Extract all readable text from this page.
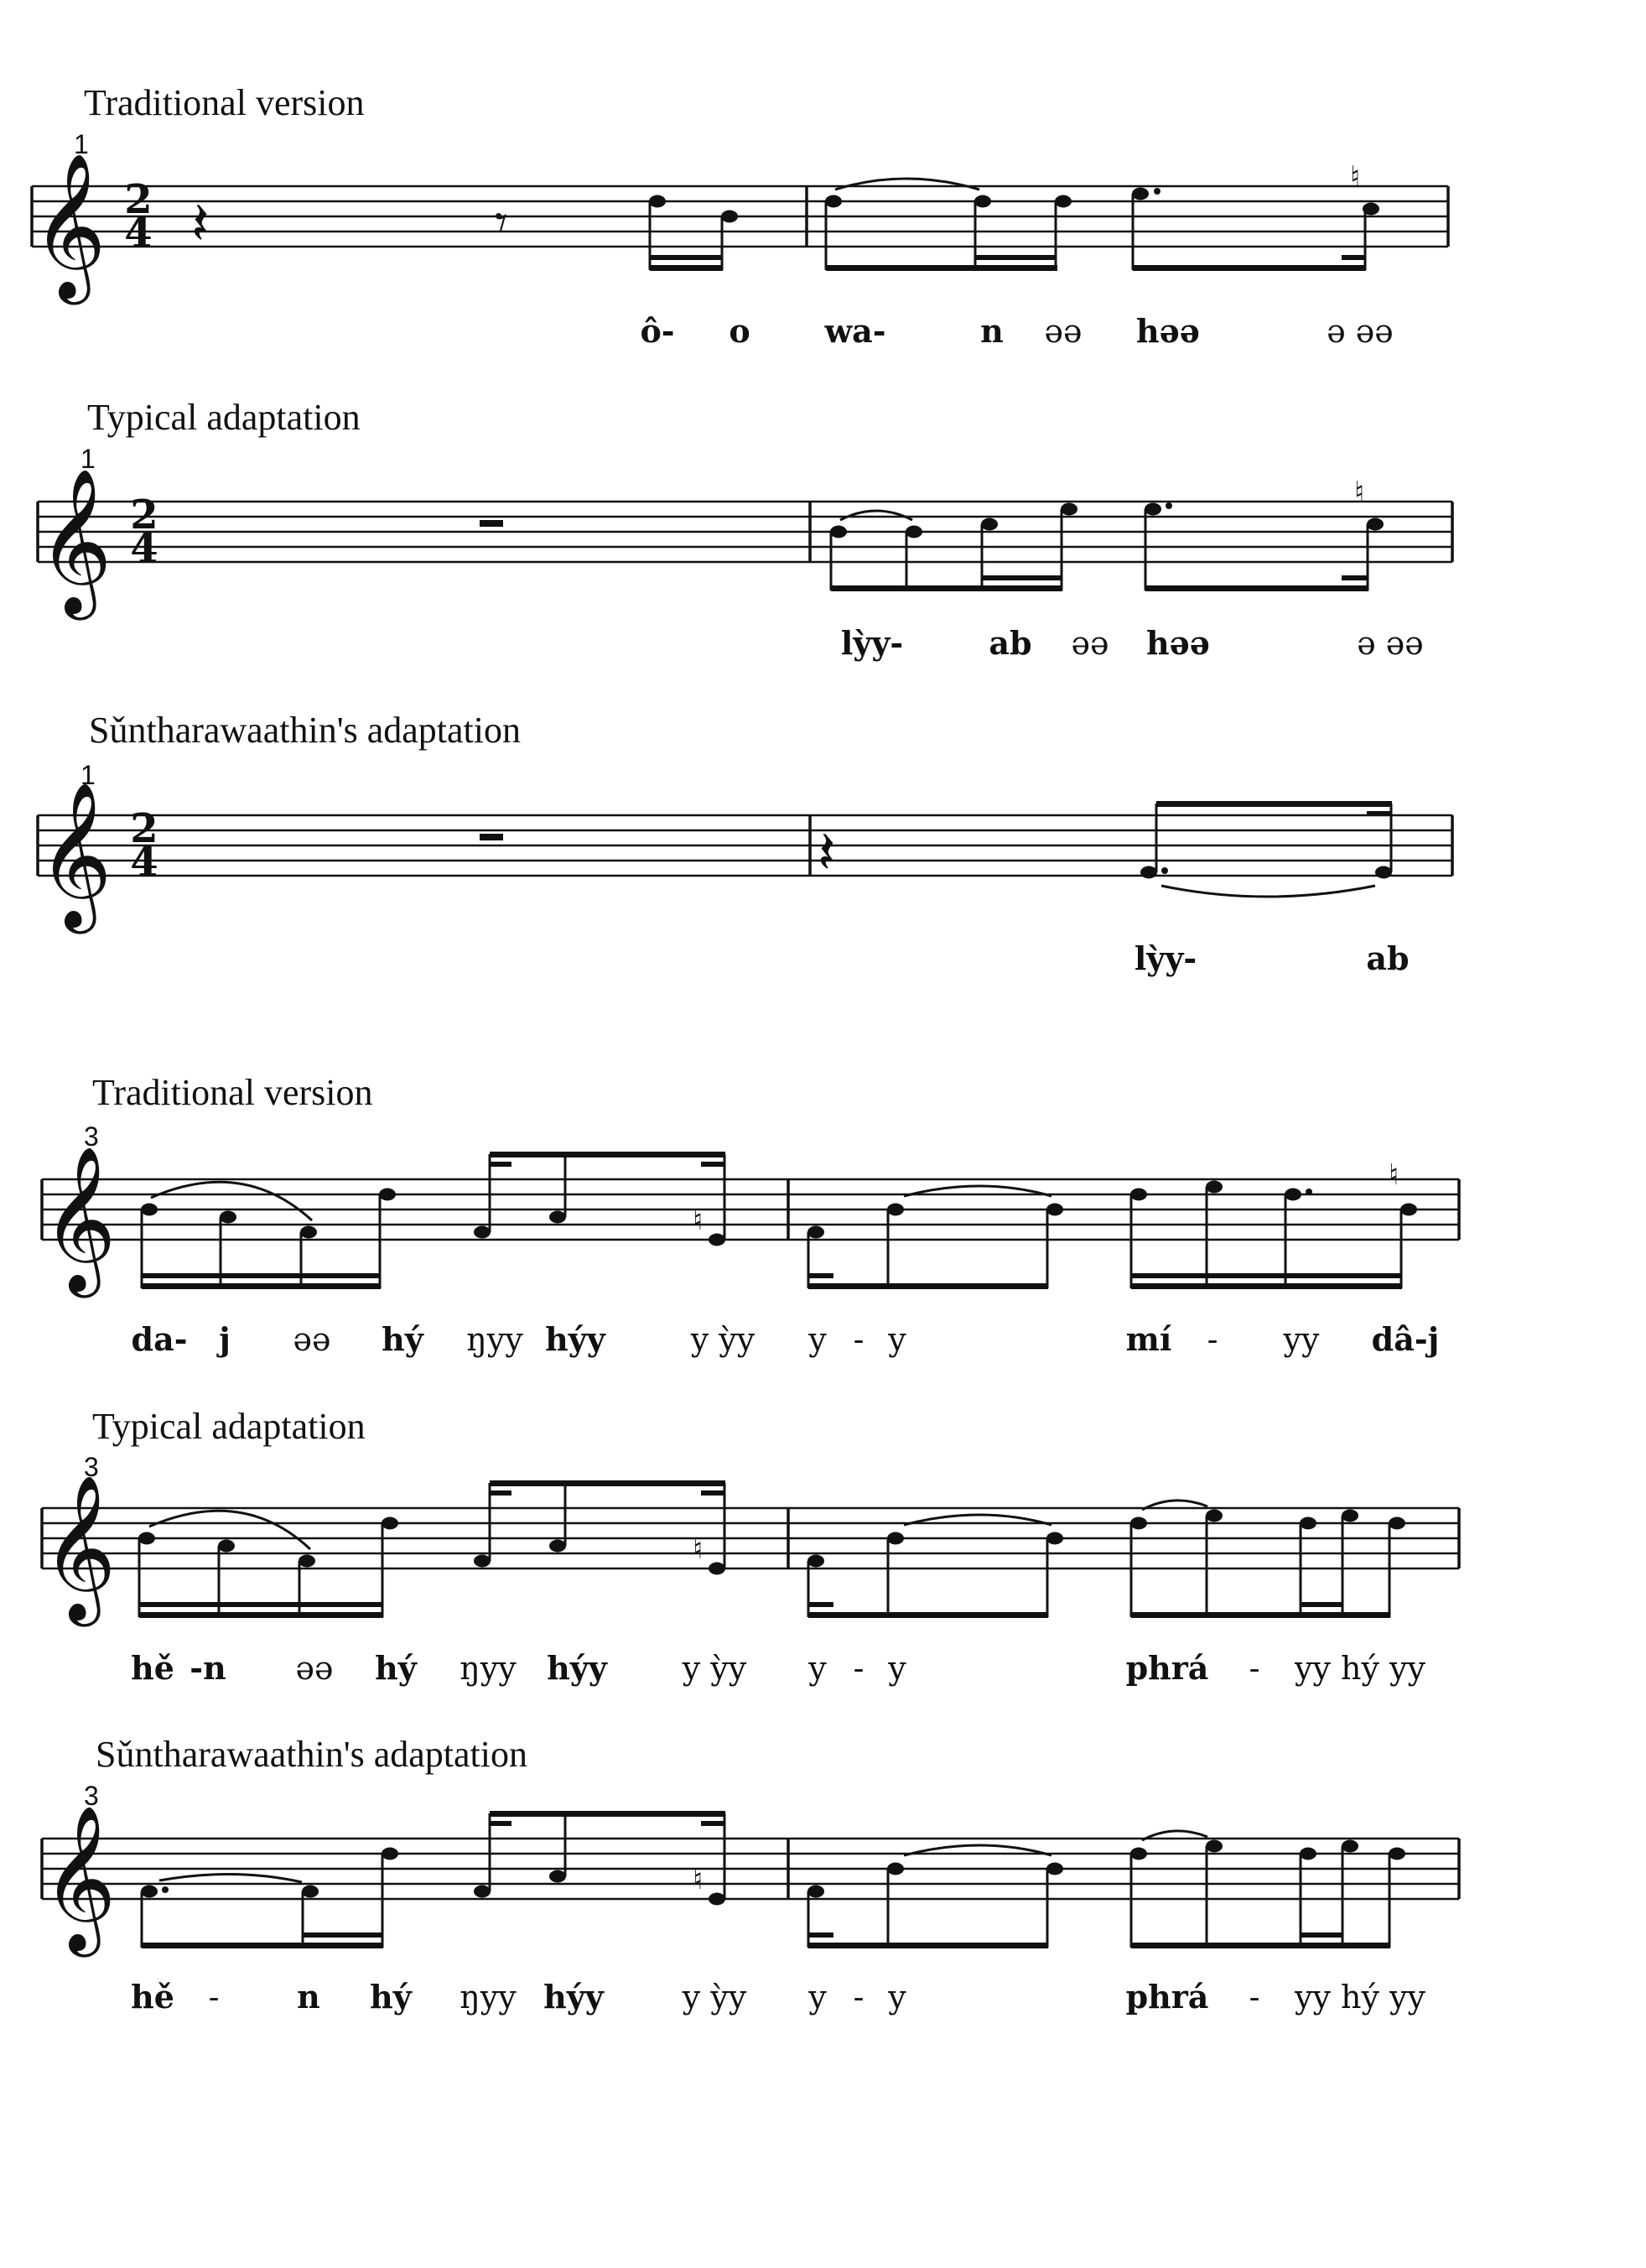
Traditional version
1
𝄞 2
4 𝄽	𝄾
♮
ô- o wa-	n əə həə	ə əə
Typical adaptation
1
𝄞 2
4
♮
lỳy-	ab əə həə	ə əə
Sǔntharawaathin's adaptation
1
𝄞 2
4	𝄽
lỳy-	ab
Traditional version
3
𝄞	♮
♮
da- j əə hý ŋyy hýy	y ỳy y - y	mí - yy dâ-j
Typical adaptation
3
𝄞	♮
hě -n əə hý ŋyy hýy y ỳy y - y	phrá - yy hý yy
Sǔntharawaathin's adaptation
3
𝄞	♮
hě - n hý ŋyy hýy y ỳy y - y	phrá - yy hý yy
